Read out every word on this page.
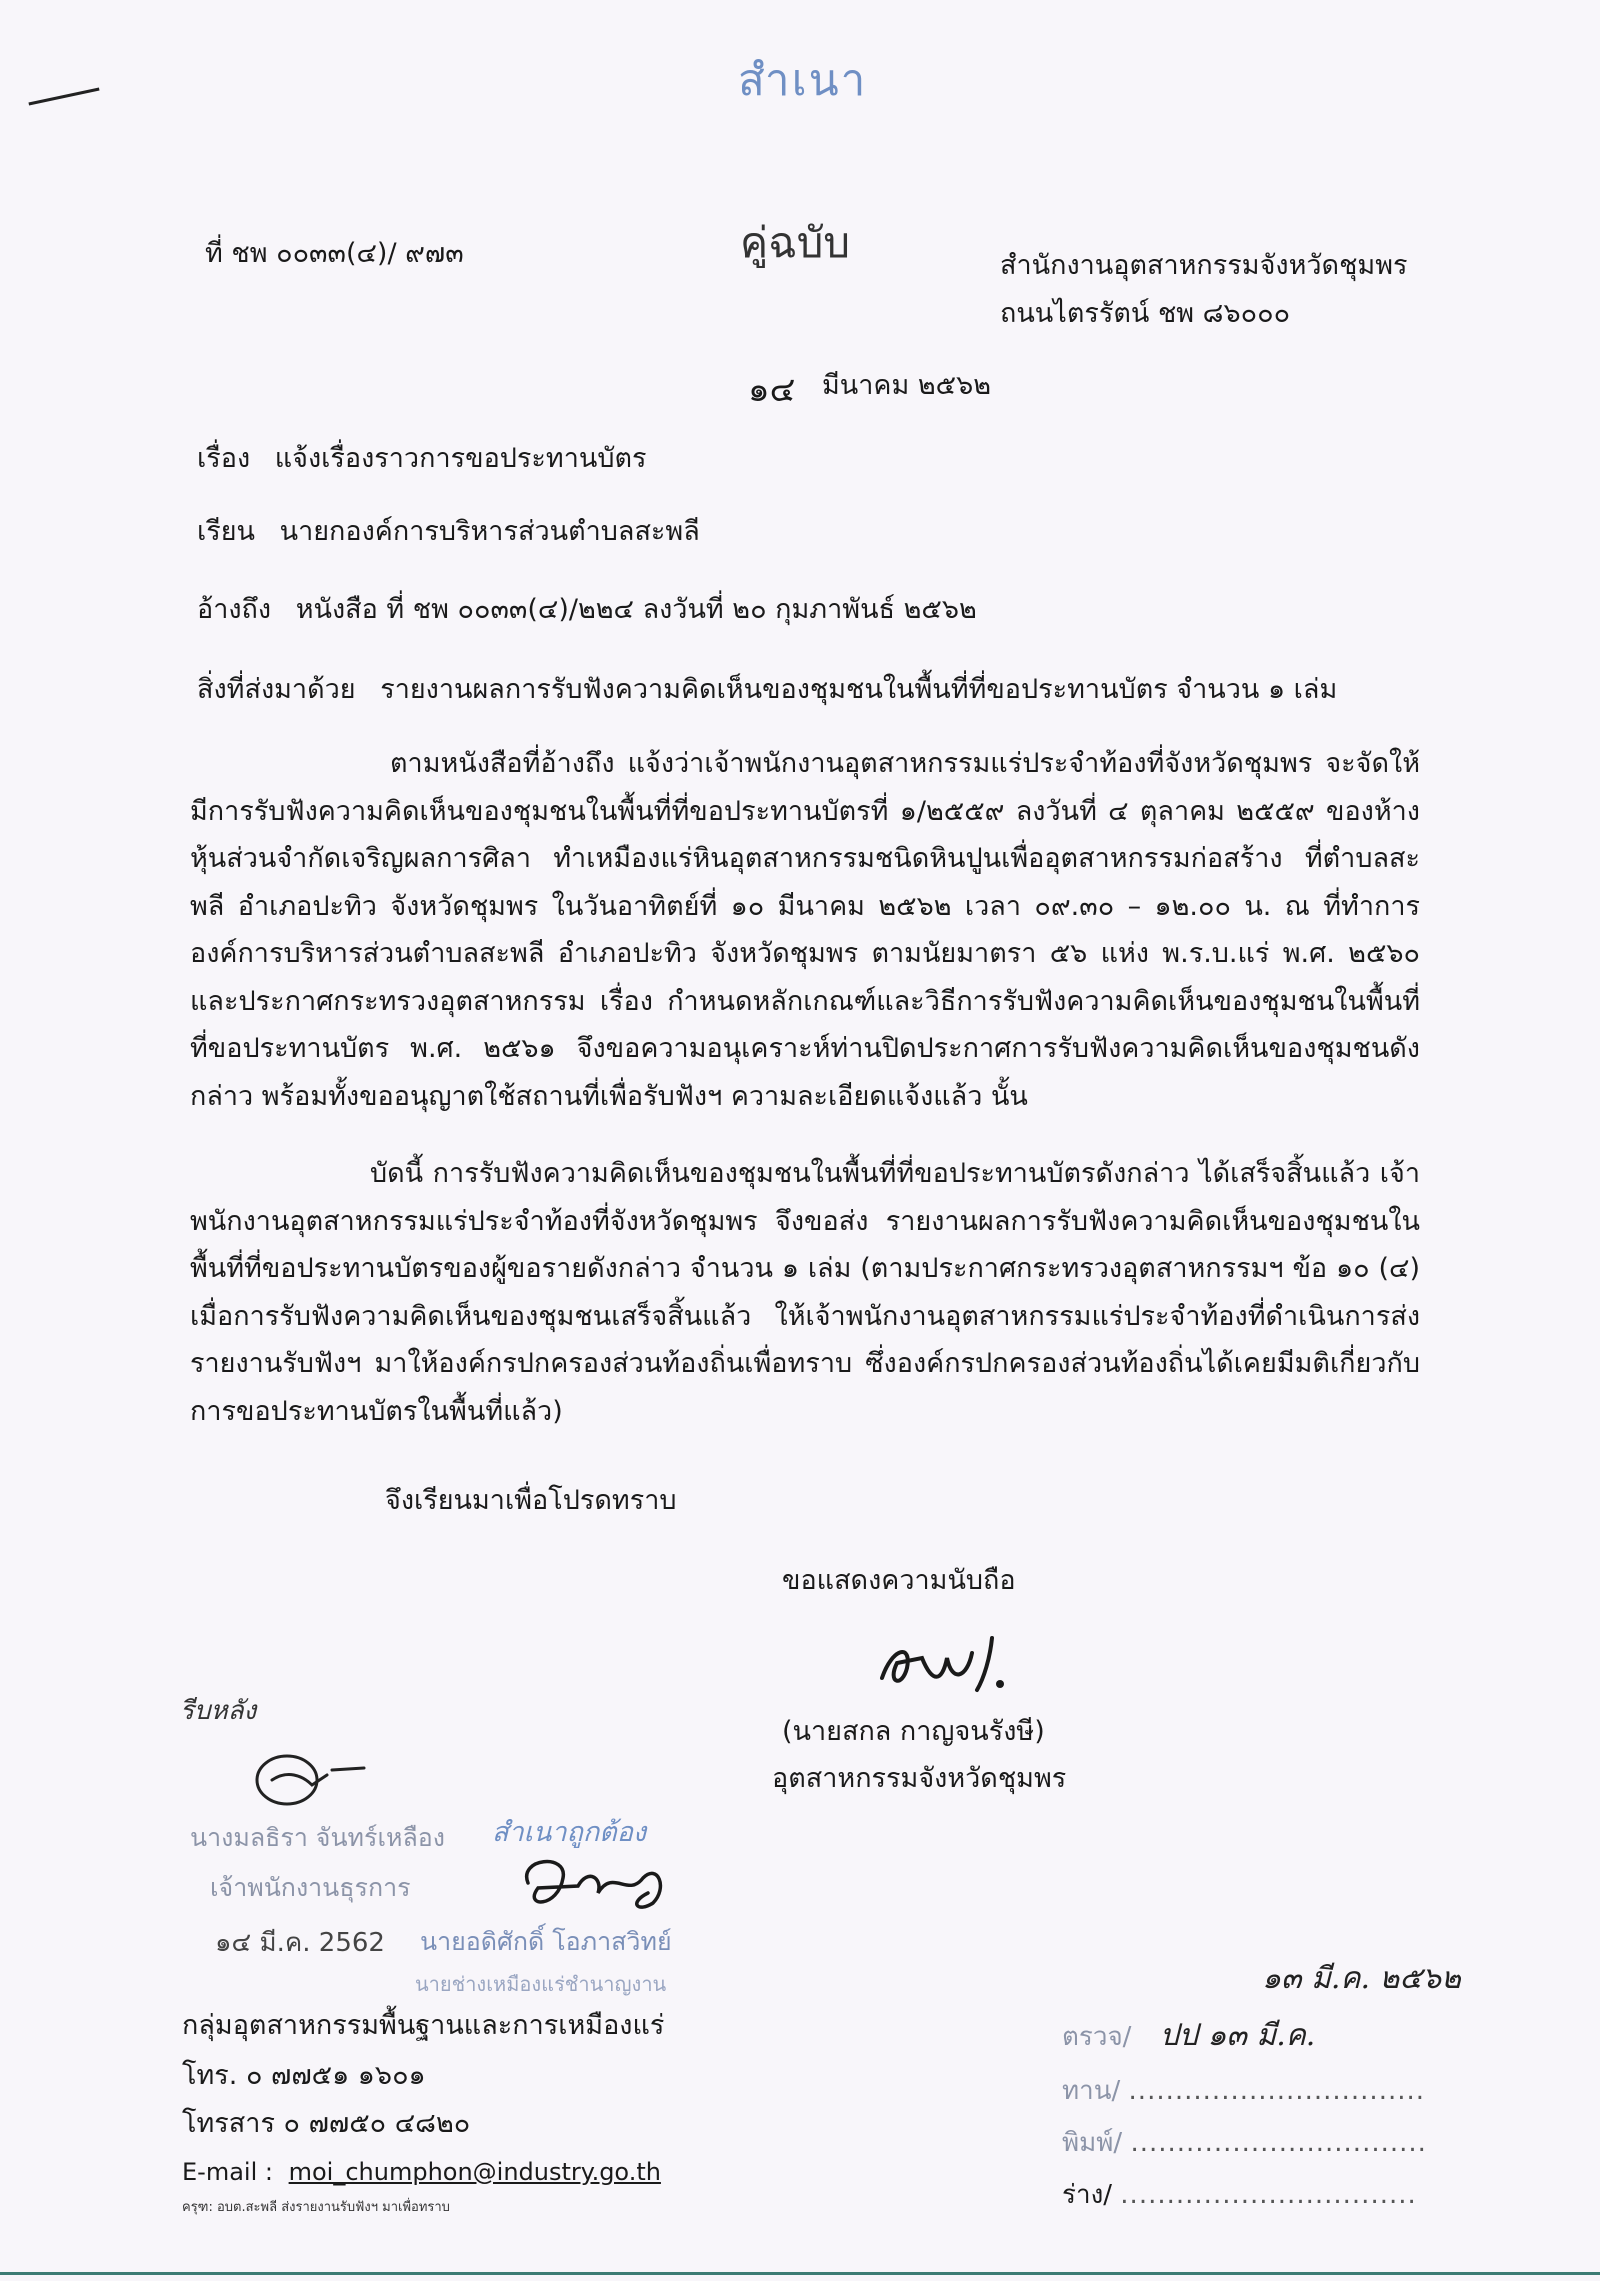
สำเนา
คู่ฉบับ
ที่ ชพ ๐๐๓๓(๔)/ ๙๗๓	สำนักงานอุตสาหกรรมจังหวัดชุมพร
ถนนไตรรัตน์ ชพ ๘๖๐๐๐
๑๔ มีนาคม ๒๕๖๒
เรื่อง แจ้งเรื่องราวการขอประทานบัตร
เรียน นายกองค์การบริหารส่วนตำบลสะพลี
อ้างถึง หนังสือ ที่ ชพ ๐๐๓๓(๔)/๒๒๔ ลงวันที่ ๒๐ กุมภาพันธ์ ๒๕๖๒
สิ่งที่ส่งมาด้วย รายงานผลการรับฟังความคิดเห็นของชุมชนในพื้นที่ที่ขอประทานบัตร จำนวน ๑ เล่ม

ตามหนังสือที่อ้างถึง แจ้งว่าเจ้าพนักงานอุตสาหกรรมแร่ประจำท้องที่จังหวัดชุมพร จะจัดให้มีการรับฟังความคิดเห็นของชุมชนในพื้นที่ที่ขอประทานบัตรที่ ๑/๒๕๕๙ ลงวันที่ ๔ ตุลาคม ๒๕๕๙ ของห้างหุ้นส่วนจำกัดเจริญผลการศิลา ทำเหมืองแร่หินอุตสาหกรรมชนิดหินปูนเพื่ออุตสาหกรรมก่อสร้าง ที่ตำบลสะพลี อำเภอปะทิว จังหวัดชุมพร ในวันอาทิตย์ที่ ๑๐ มีนาคม ๒๕๖๒ เวลา ๐๙.๓๐ – ๑๒.๐๐ น. ณ ที่ทำการองค์การบริหารส่วนตำบลสะพลี อำเภอปะทิว จังหวัดชุมพร ตามนัยมาตรา ๕๖ แห่ง พ.ร.บ.แร่ พ.ศ. ๒๕๖๐ และประกาศกระทรวงอุตสาหกรรม เรื่อง กำหนดหลักเกณฑ์และวิธีการรับฟังความคิดเห็นของชุมชนในพื้นที่ที่ขอประทานบัตร พ.ศ. ๒๕๖๑ จึงขอความอนุเคราะห์ท่านปิดประกาศการรับฟังความคิดเห็นของชุมชนดังกล่าว พร้อมทั้งขออนุญาตใช้สถานที่เพื่อรับฟังฯ ความละเอียดแจ้งแล้ว นั้น

บัดนี้ การรับฟังความคิดเห็นของชุมชนในพื้นที่ที่ขอประทานบัตรดังกล่าว ได้เสร็จสิ้นแล้ว เจ้าพนักงานอุตสาหกรรมแร่ประจำท้องที่จังหวัดชุมพร จึงขอส่ง รายงานผลการรับฟังความคิดเห็นของชุมชนในพื้นที่ที่ขอประทานบัตรของผู้ขอรายดังกล่าว จำนวน ๑ เล่ม (ตามประกาศกระทรวงอุตสาหกรรมฯ ข้อ ๑๐ (๔) เมื่อการรับฟังความคิดเห็นของชุมชนเสร็จสิ้นแล้ว ให้เจ้าพนักงานอุตสาหกรรมแร่ประจำท้องที่ดำเนินการส่งรายงานรับฟังฯ มาให้องค์กรปกครองส่วนท้องถิ่นเพื่อทราบ ซึ่งองค์กรปกครองส่วนท้องถิ่นได้เคยมีมติเกี่ยวกับการขอประทานบัตรในพื้นที่แล้ว)

จึงเรียนมาเพื่อโปรดทราบ
ขอแสดงความนับถือ
(นายสกล กาญจนรังษี)
อุตสาหกรรมจังหวัดชุมพร
รีบหลัง
นางมลธิรา จันทร์เหลือง
เจ้าพนักงานธุรการ
๑๔ มี.ค. 2562
สำเนาถูกต้อง
นายอดิศักดิ์ โอภาสวิทย์
นายช่างเหมืองแร่ชำนาญงาน
กลุ่มอุตสาหกรรมพื้นฐานและการเหมืองแร่
โทร. ๐ ๗๗๕๑ ๑๖๐๑
โทรสาร ๐ ๗๗๕๐ ๔๘๒๐
E-mail : moi_chumphon@industry.go.th
ครุฑ: อบต.สะพลี ส่งรายงานรับฟังฯ มาเพื่อทราบ
๑๓ มี.ค. ๒๕๖๒
ตรวจ/ ปป ๑๓ มี.ค.
ทาน/ ................................
พิมพ์/ ................................
ร่าง/ ................................
